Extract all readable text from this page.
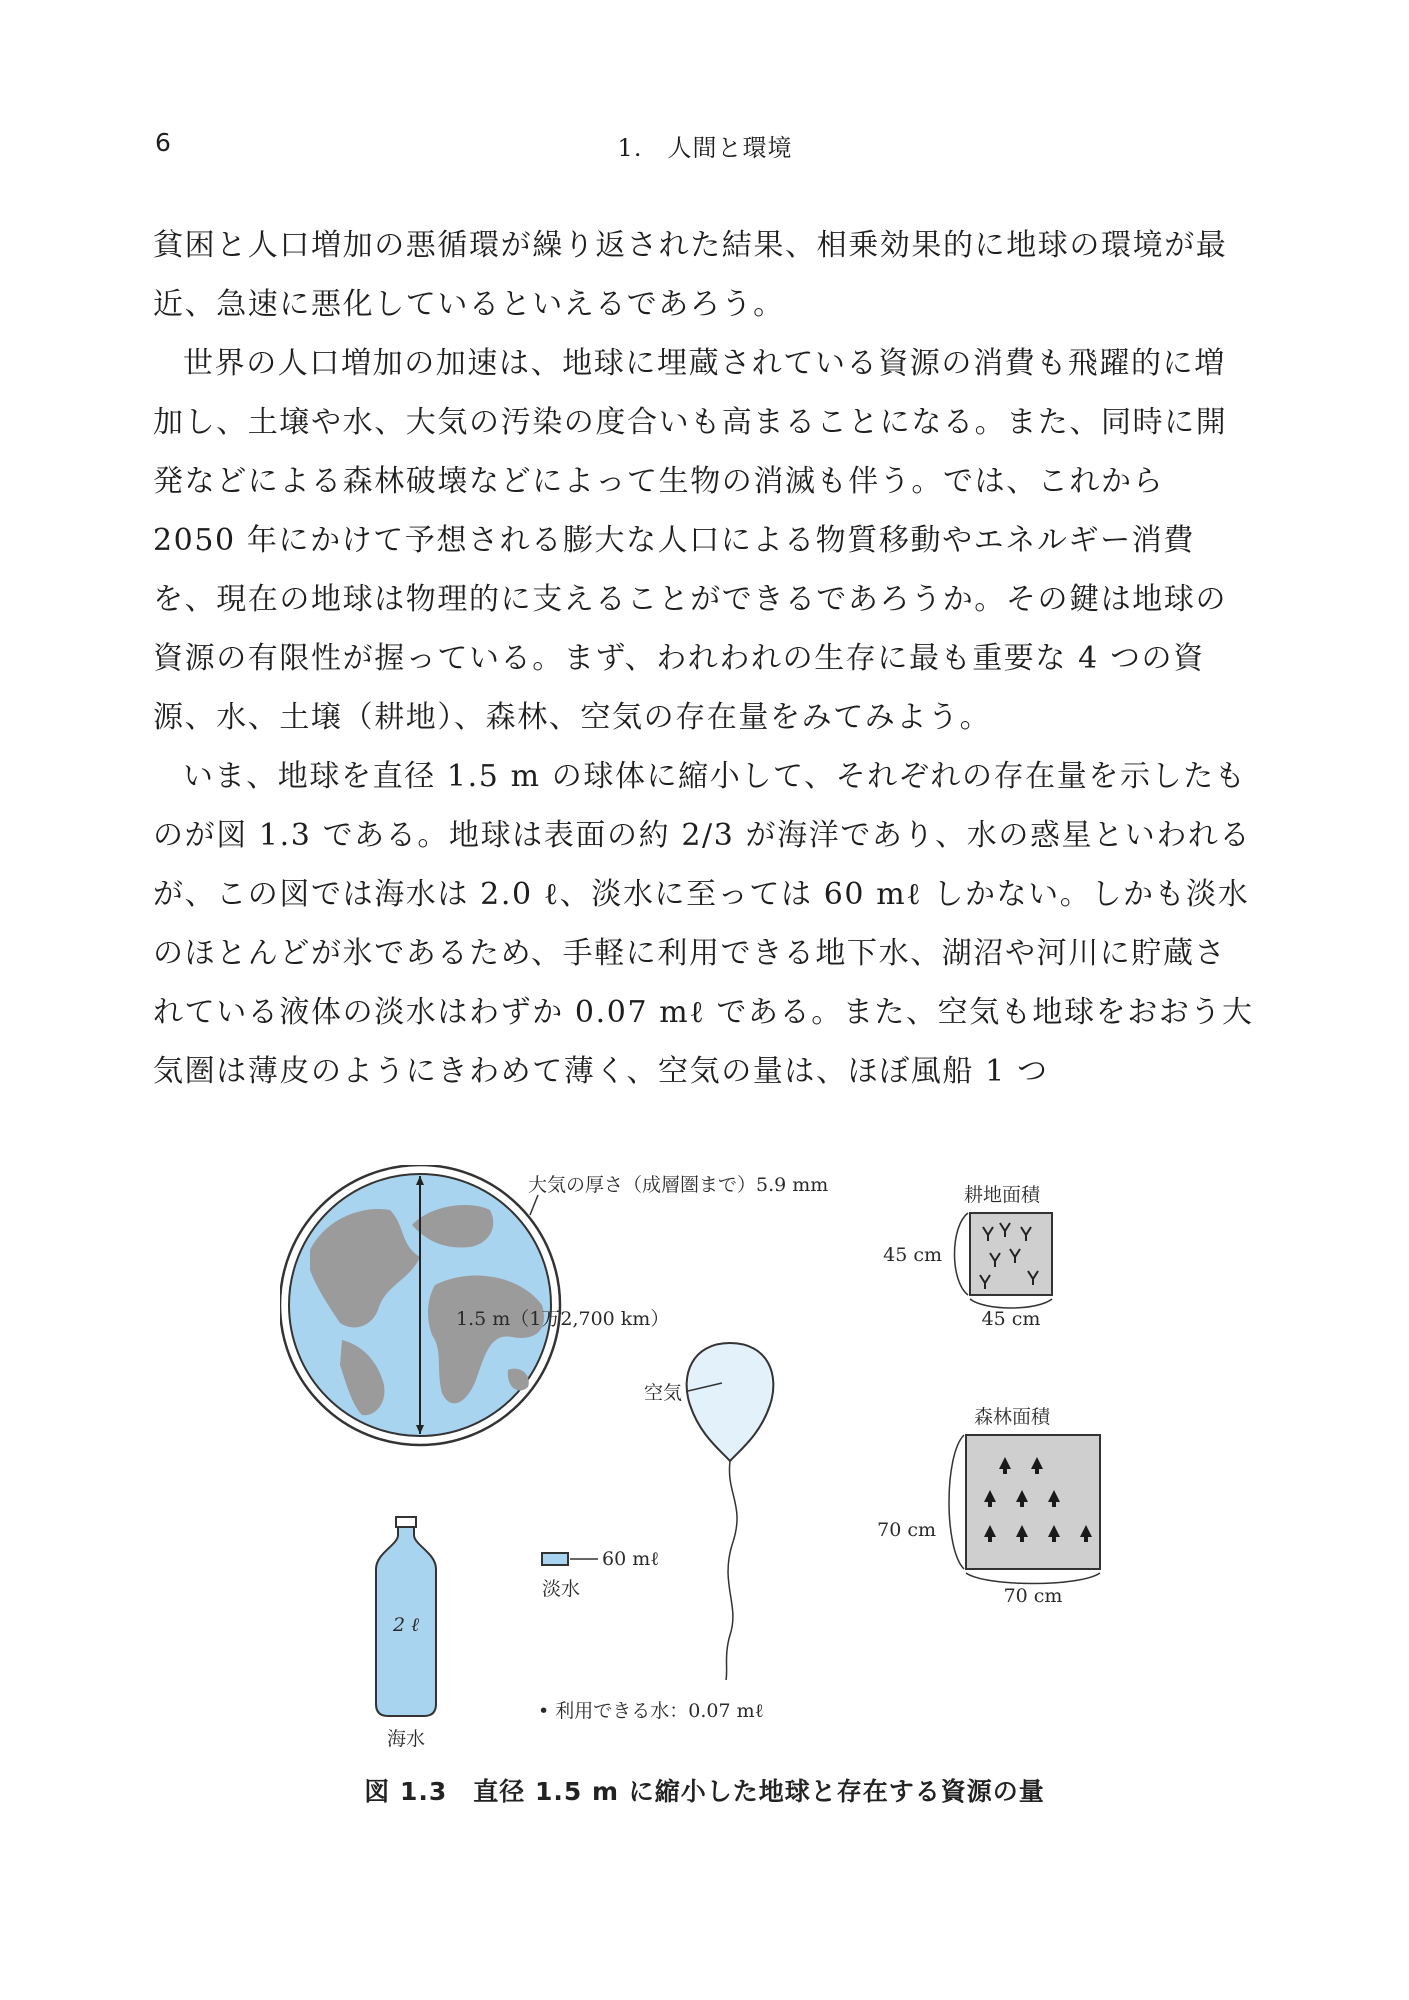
6	1.　人間と環境

貧困と人口増加の悪循環が繰り返された結果、相乗効果的に地球の環境が最近、急速に悪化しているといえるであろう。

世界の人口増加の加速は、地球に埋蔵されている資源の消費も飛躍的に増加し、土壌や水、大気の汚染の度合いも高まることになる。また、同時に開発などによる森林破壊などによって生物の消滅も伴う。では、これから 2050 年にかけて予想される膨大な人口による物質移動やエネルギー消費を、現在の地球は物理的に支えることができるであろうか。その鍵は地球の資源の有限性が握っている。まず、われわれの生存に最も重要な 4 つの資源、水、土壌（耕地）、森林、空気の存在量をみてみよう。

いま、地球を直径 1.5 m の球体に縮小して、それぞれの存在量を示したものが図 1.3 である。地球は表面の約 2/3 が海洋であり、水の惑星といわれるが、この図では海水は 2.0 ℓ、淡水に至っては 60 mℓ しかない。しかも淡水のほとんどが氷であるため、手軽に利用できる地下水、湖沼や河川に貯蔵されている液体の淡水はわずか 0.07 mℓ である。また、空気も地球をおおう大気圏は薄皮のようにきわめて薄く、空気の量は、ほぼ風船 1 つ

大気の厚さ（成層圏まで）5.9 mm
1.5 m（1万2,700 km）
耕地面積
45 cm
45 cm
森林面積
70 cm
70 cm
空気
60 mℓ
淡水
2 ℓ
海水
• 利用できる水：0.07 mℓ
図 1.3　直径 1.5 m に縮小した地球と存在する資源の量
